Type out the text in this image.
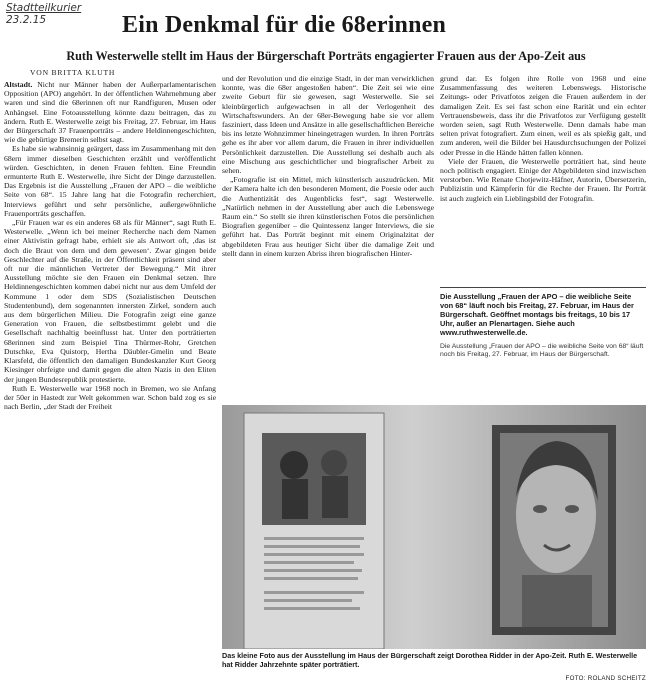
Stadtteilkurier
23.2.15	Ein Denkmal für die 68erinnen
Ruth Westerwelle stellt im Haus der Bürgerschaft Porträts engagierter Frauen aus der Apo-Zeit aus
VON BRITTA KLUTH

Altstadt. Nicht nur Männer haben der Außerparlamentarischen Opposition (APO) angehört. In der öffentlichen Wahrnehmung aber waren und sind die 68erinnen oft nur Randfiguren, Musen oder Anhängsel. Eine Fotoausstellung könnte dazu beitragen, das zu ändern. Ruth E. Westerwelle zeigt bis Freitag, 27. Februar, im Haus der Bürgerschaft 37 Frauenporträts – andere Heldinnengeschichten, wie die gebürtige Bremerin selbst sagt.

Es habe sie wahnsinnig geärgert, dass im Zusammenhang mit den 68ern immer dieselben Geschichten erzählt und veröffentlicht würden. Geschichten, in denen Frauen fehlten. Eine Freundin ermunterte Ruth E. Westerwelle, ihre Sicht der Dinge darzustellen. Das Ergebnis ist die Ausstellung „Frauen der APO – die weibliche Seite von 68“. 15 Jahre lang hat die Fotografin recherchiert, Interviews geführt und sehr persönliche, außergewöhnliche Frauenporträts geschaffen.

„Für Frauen war es ein anderes 68 als für Männer“, sagt Ruth E. Westerwelle. „Wenn ich bei meiner Recherche nach dem Namen einer Aktivistin gefragt habe, erhielt sie als Antwort oft, ‚das ist doch die Braut von dem und dem gewesen‘. Zwar gingen beide Geschlechter auf die Straße, in der Öffentlichkeit präsent sind aber oft nur die männlichen Vertreter der Bewegung.“ Mit ihrer Ausstellung möchte sie den Frauen ein Denkmal setzen. Ihre Heldinnengeschichten kommen dabei nicht nur aus dem Umfeld der Kommune 1 oder dem SDS (Sozialistischen Deutschen Studentenbund), dem sogenannten innersten Zirkel, sondern auch aus dem bürgerlichen Milieu. Die Fotografin zeigt eine ganze Generation von Frauen, die selbstbestimmt gelebt und die Gesellschaft nachhaltig beeinflusst hat. Unter den porträtierten 68erinnen sind zum Beispiel Tina Thürmer-Rohr, Gretchen Dutschke, Eva Quistorp, Hertha Däubler-Gmelin und Beate Klarsfeld, die öffentlich den damaligen Bundeskanzler Kurt Georg Kiesinger ohrfeigte und damit gegen die alten Nazis in den Eliten der jungen Bundesrepublik protestierte.

Ruth E. Westerwelle war 1968 noch in Bremen, wo sie Anfang der 50er in Hastedt zur Welt gekommen war. Schon bald zog es sie nach Berlin, „der Stadt der Freiheit

und der Revolution und die einzige Stadt, in der man verwirklichen konnte, was die 68er angestoßen haben“. Die Zeit sei wie eine zweite Geburt für sie gewesen, sagt Westerwelle. Sie sei kleinbürgerlich aufgewachsen in all der Verlogenheit des Wirtschaftswunders. An der 68er-Bewegung habe sie vor allem fasziniert, dass Ideen und Ansätze in alle gesellschaftlichen Bereiche bis ins letzte Wohnzimmer hineingetragen wurden. In ihren Porträts gehe es ihr aber vor allem darum, die Frauen in ihrer individuellen Persönlichkeit darzustellen. Die Ausstellung sei deshalb auch als eine Mischung aus geschichtlicher und biografischer Arbeit zu sehen.

„Fotografie ist ein Mittel, mich künstlerisch auszudrücken. Mit der Kamera halte ich den besonderen Moment, die Poesie oder auch die Authentizität des Augenblicks fest“, sagt Westerwelle. „Natürlich nehmen in der Ausstellung aber auch die Lebenswege Raum ein.“ So stellt sie ihren künstlerischen Fotos die persönlichen Biografien gegenüber – die Quintessenz langer Interviews, die sie geführt hat. Das Porträt beginnt mit einem Originalzitat der abgebildeten Frau aus heutiger Sicht über die damalige Zeit und stellt dann in einem kurzen Abriss ihren biografischen Hinter-

grund dar. Es folgen ihre Rolle von 1968 und eine Zusammenfassung des weiteren Lebenswegs. Historische Zeitungs- oder Privatfotos zeigen die Frauen außerdem in der damaligen Zeit. Es sei fast schon eine Rarität und ein echter Vertrauensbeweis, dass ihr die Privatfotos zur Verfügung gestellt worden seien, sagt Ruth Westerwelle. Denn damals habe man selten privat fotografiert. Zum einen, weil es als spießig galt, und zum anderen, weil die Bilder bei Hausdurchsuchungen der Polizei oder Presse in die Hände hätten fallen können.

Viele der Frauen, die Westerwelle porträtiert hat, sind heute noch politisch engagiert. Einige der Abgebildeten sind inzwischen verstorben. Wie Renate Chotjewitz-Häfner, Autorin, Übersetzerin, Publizistin und Kämpferin für die Rechte der Frauen. Ihr Porträt ist auch zugleich ein Lieblingsbild der Fotografin.

Die Ausstellung „Frauen der APO – die weibliche Seite von 68“ läuft noch bis Freitag, 27. Februar, im Haus der Bürgerschaft. Geöffnet montags bis freitags, 10 bis 17 Uhr, außer an Plenartagen. Siehe auch www.ruthwesterwelle.de.
Die Ausstellung „Frauen der APO – die weibliche Seite von 68“ läuft noch bis Freitag, 27. Februar, im Haus der Bürgerschaft.
Das kleine Foto aus der Ausstellung im Haus der Bürgerschaft zeigt Dorothea Ridder in der Apo-Zeit. Ruth E. Westerwelle hat Ridder Jahrzehnte später porträtiert.
FOTO: ROLAND SCHEITZ
